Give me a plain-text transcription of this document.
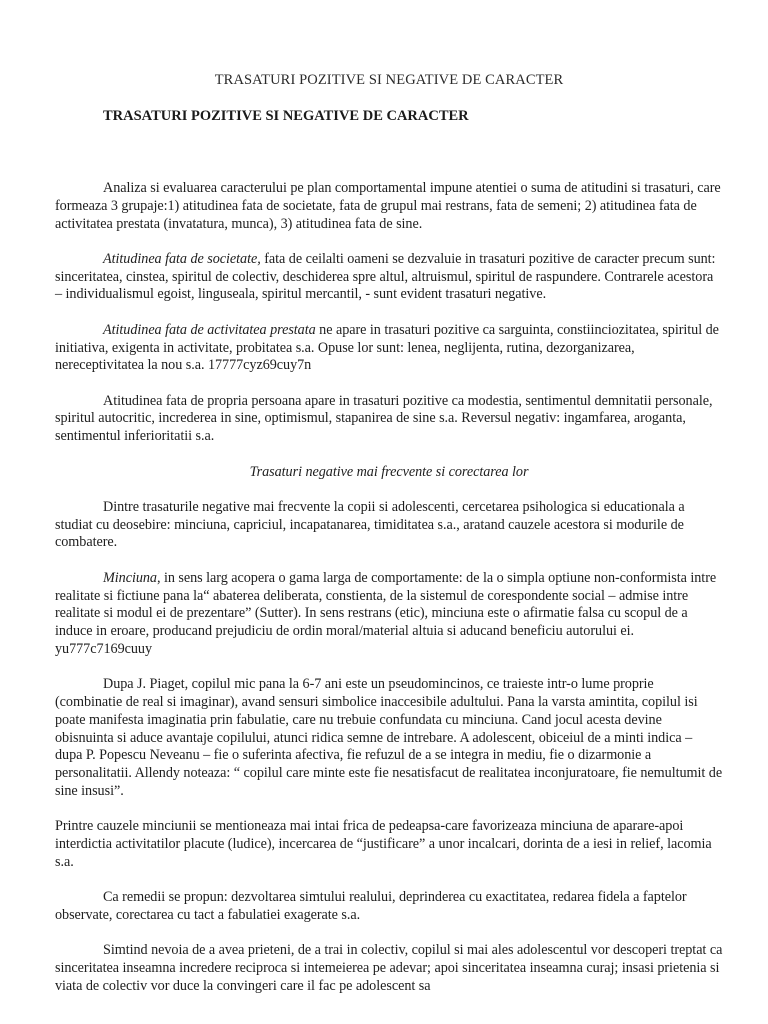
TRASATURI POZITIVE SI NEGATIVE DE CARACTER
TRASATURI POZITIVE SI NEGATIVE DE CARACTER

Analiza si evaluarea caracterului pe plan comportamental impune atentiei o suma de atitudini si trasaturi, care formeaza 3 grupaje:1) atitudinea fata de societate, fata de grupul mai restrans, fata de semeni; 2) atitudinea fata de activitatea prestata (invatatura, munca), 3) atitudinea fata de sine.

Atitudinea fata de societate, fata de ceilalti oameni se dezvaluie in trasaturi pozitive de caracter precum sunt: sinceritatea, cinstea, spiritul de colectiv, deschiderea spre altul, altruismul, spiritul de raspundere. Contrarele acestora – individualismul egoist, linguseala, spiritul mercantil, - sunt evident trasaturi negative.

Atitudinea fata de activitatea prestata ne apare in trasaturi pozitive ca sarguinta, constiinciozitatea, spiritul de initiativa, exigenta in activitate, probitatea s.a. Opuse lor sunt: lenea, neglijenta, rutina, dezorganizarea, nereceptivitatea la nou s.a. 17777cyz69cuy7n

Atitudinea fata de propria persoana apare in trasaturi pozitive ca modestia, sentimentul demnitatii personale, spiritul autocritic, increderea in sine, optimismul, stapanirea de sine s.a. Reversul negativ: ingamfarea, aroganta, sentimentul inferioritatii s.a.

Trasaturi negative mai frecvente si corectarea lor

Dintre trasaturile negative mai frecvente la copii si adolescenti, cercetarea psihologica si educationala a studiat cu deosebire: minciuna, capriciul, incapatanarea, timiditatea s.a., aratand cauzele acestora si modurile de combatere.

Minciuna, in sens larg acopera o gama larga de comportamente: de la o simpla optiune non-conformista intre realitate si fictiune pana la“ abaterea deliberata, constienta, de la sistemul de corespondente social – admise intre realitate si modul ei de prezentare” (Sutter). In sens restrans (etic), minciuna este o afirmatie falsa cu scopul de a induce in eroare, producand prejudiciu de ordin moral/material altuia si aducand beneficiu autorului ei. yu777c7169cuuy

Dupa J. Piaget, copilul mic pana la 6-7 ani este un pseudomincinos, ce traieste intr-o lume proprie (combinatie de real si imaginar), avand sensuri simbolice inaccesibile adultului. Pana la varsta amintita, copilul isi poate manifesta imaginatia prin fabulatie, care nu trebuie confundata cu minciuna. Cand jocul acesta devine obisnuinta si aduce avantaje copilului, atunci ridica semne de intrebare. A adolescent, obiceiul de a minti indica – dupa P. Popescu Neveanu – fie o suferinta afectiva, fie refuzul de a se integra in mediu, fie o dizarmonie a personalitatii. Allendy noteaza: “ copilul care minte este fie nesatisfacut de realitatea inconjuratoare, fie nemultumit de sine insusi”.

Printre cauzele minciunii se mentioneaza mai intai frica de pedeapsa-care favorizeaza minciuna de aparare-apoi interdictia activitatilor placute (ludice), incercarea de “justificare” a unor incalcari, dorinta de a iesi in relief, lacomia s.a.

Ca remedii se propun: dezvoltarea simtului realului, deprinderea cu exactitatea, redarea fidela a faptelor observate, corectarea cu tact a fabulatiei exagerate s.a.

Simtind nevoia de a avea prieteni, de a trai in colectiv, copilul si mai ales adolescentul vor descoperi treptat ca sinceritatea inseamna incredere reciproca si intemeierea pe adevar; apoi sinceritatea inseamna curaj; insasi prietenia si viata de colectiv vor duce la convingeri care il fac pe adolescent sa
